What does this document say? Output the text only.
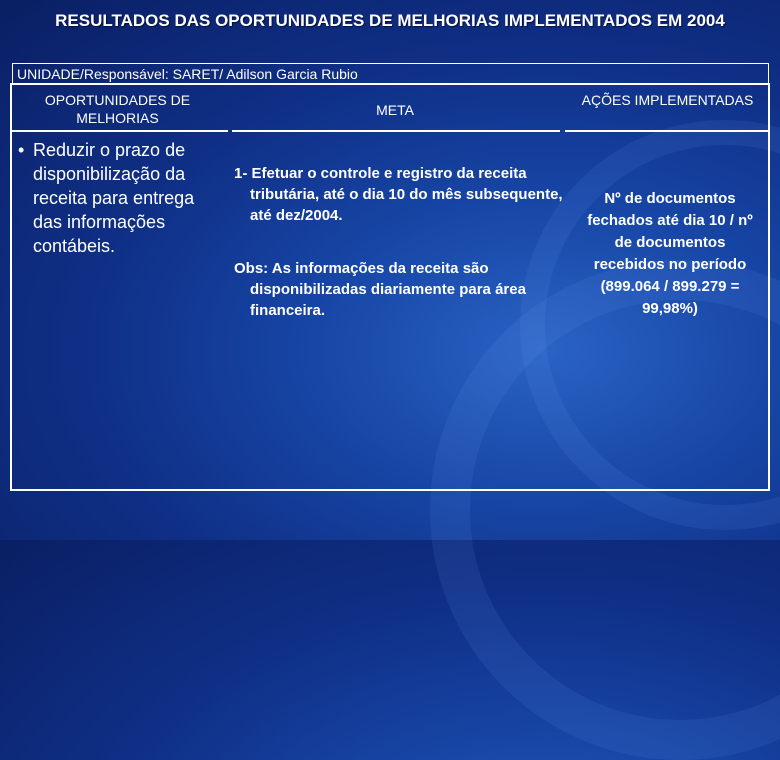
RESULTADOS DAS OPORTUNIDADES DE MELHORIAS IMPLEMENTADOS EM 2004
UNIDADE/Responsável: SARET/ Adilson Garcia Rubio
OPORTUNIDADES DE MELHORIAS	META
AÇÕES IMPLEMENTADAS
• Reduzir o prazo de disponibilização da receita para entrega das informações contábeis.
1- Efetuar o controle e registro da receita tributária, até o dia 10 do mês subsequente, até dez/2004.
Obs: As informações da receita são disponibilizadas diariamente para área financeira.
Nº de documentos fechados até dia 10 / nº de documentos recebidos no período (899.064 / 899.279 = 99,98%)
